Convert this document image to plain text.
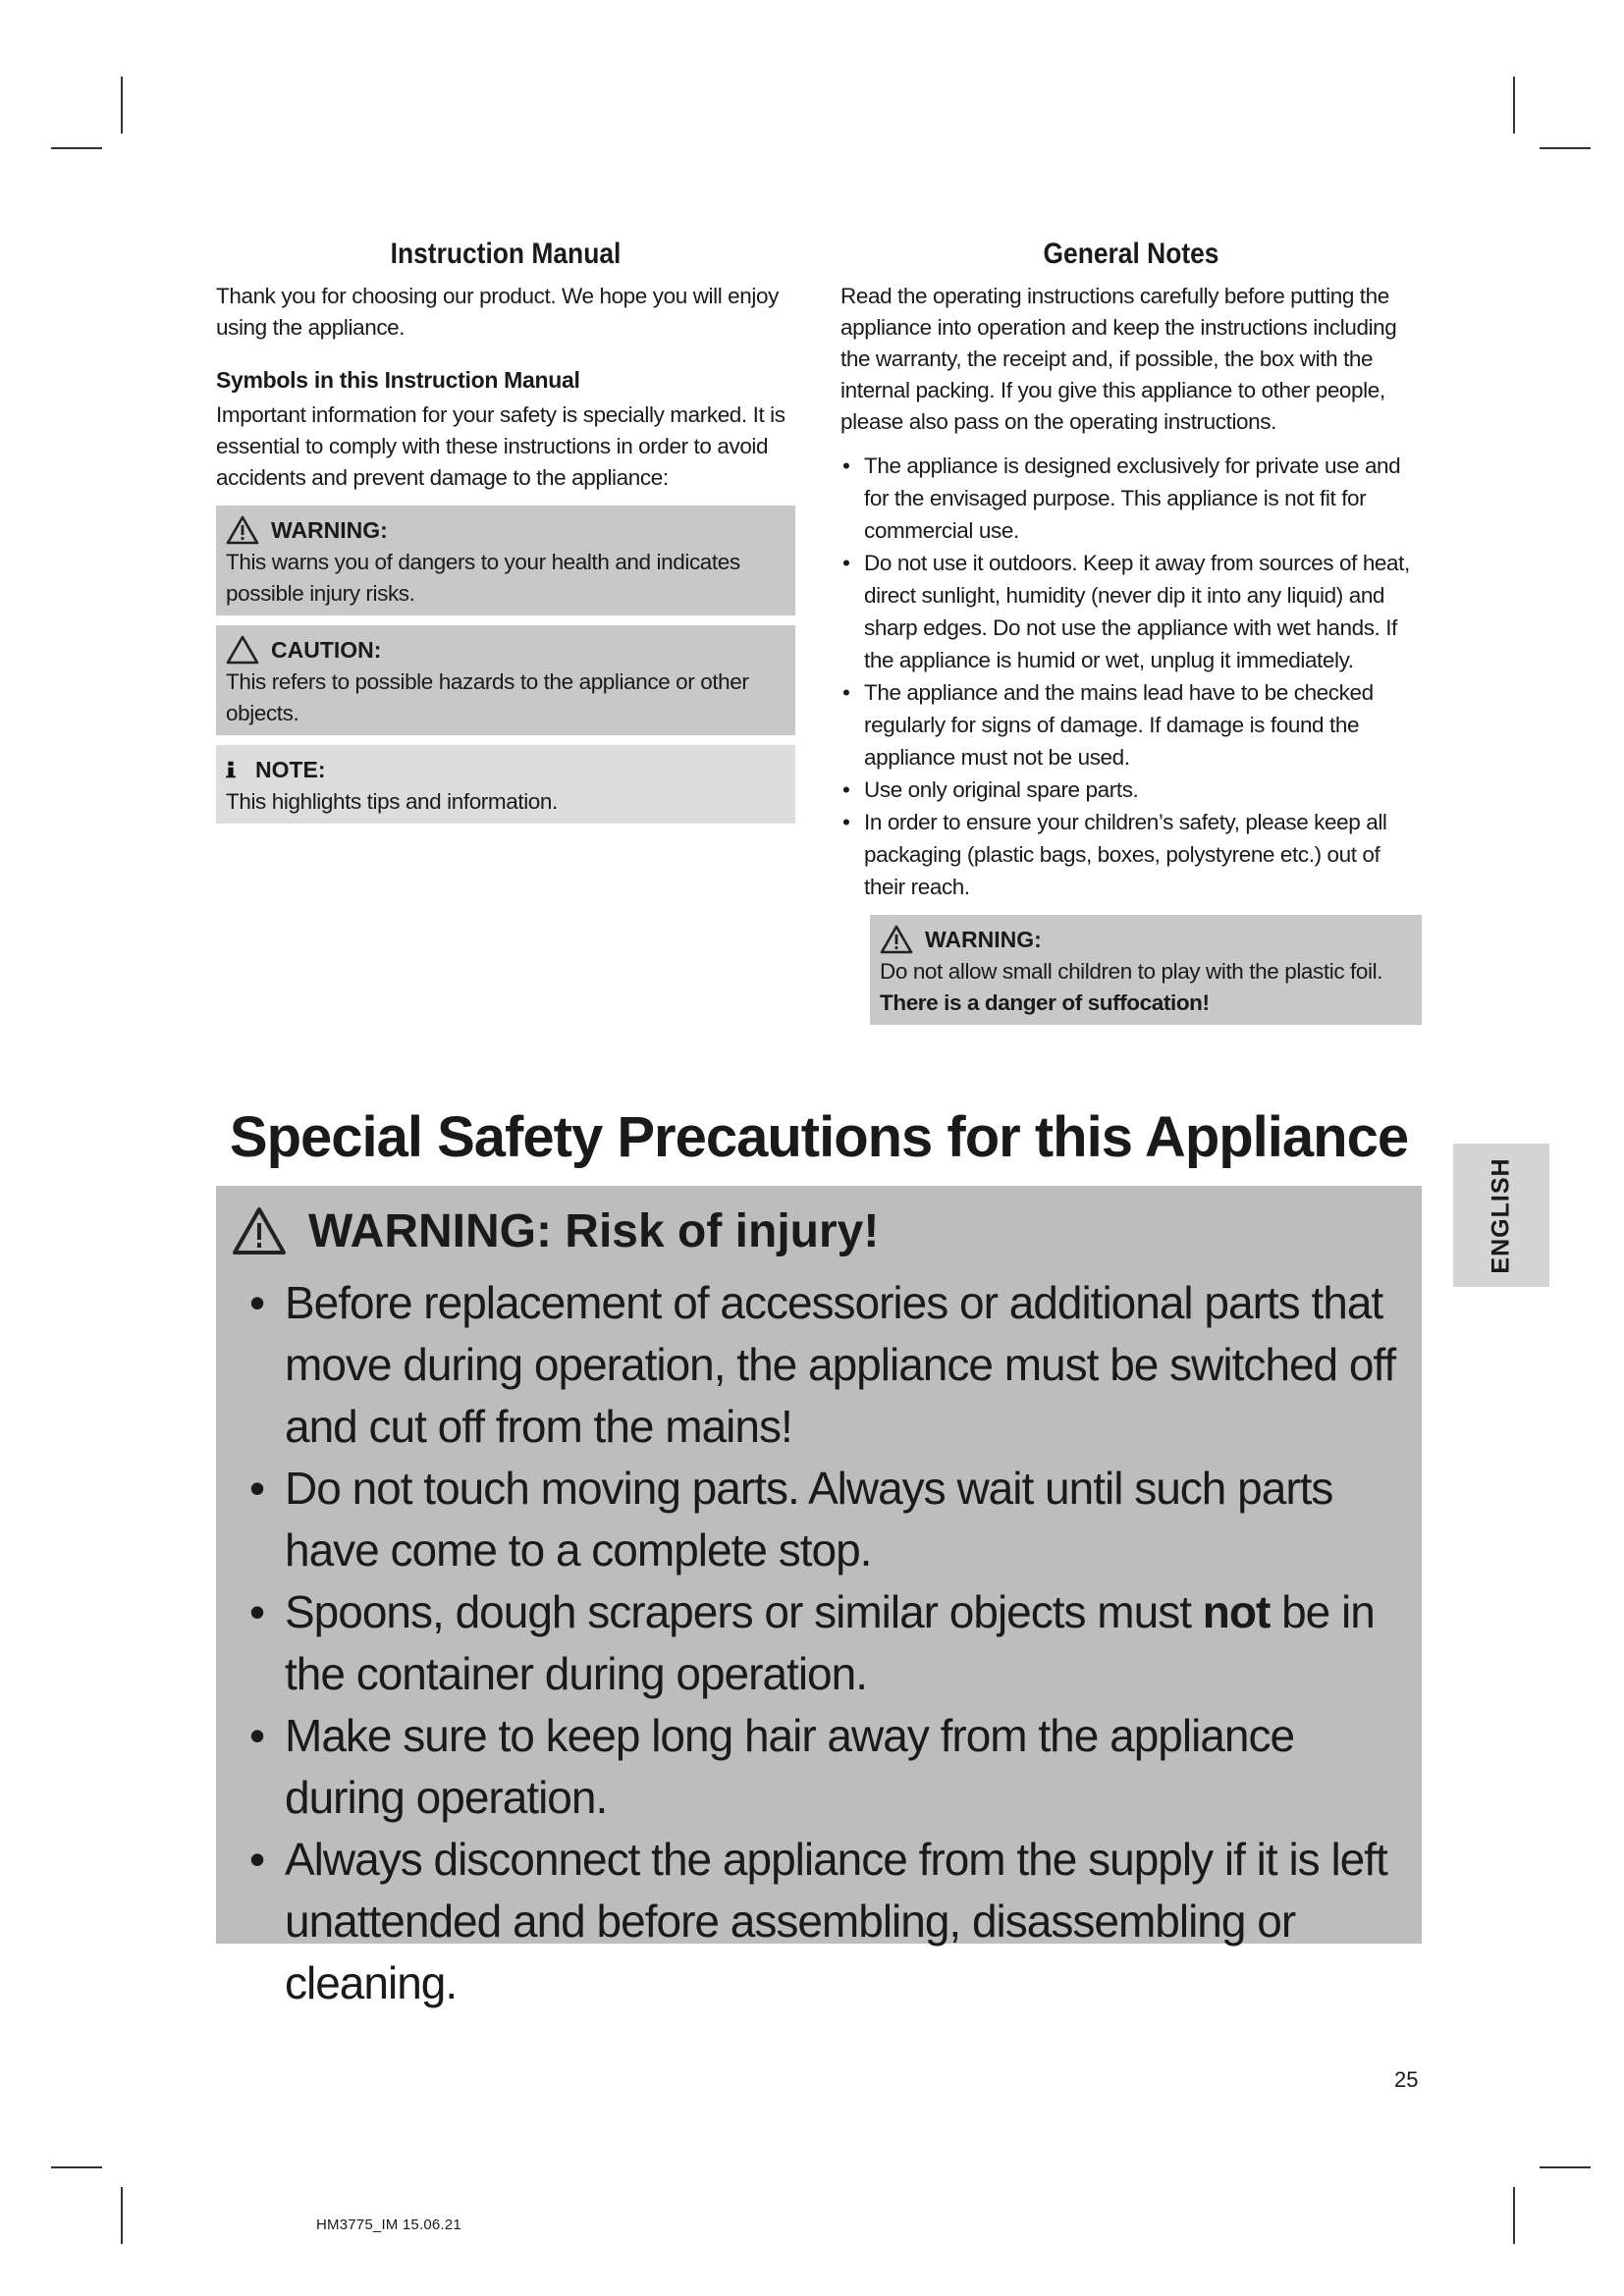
Instruction Manual

Thank you for choosing our product. We hope you will enjoy using the appliance.

Symbols in this Instruction Manual

Important information for your safety is specially marked. It is essential to comply with these instructions in order to avoid accidents and prevent damage to the appliance:

WARNING:
This warns you of dangers to your health and indicates possible injury risks.
CAUTION:
This refers to possible hazards to the appliance or other objects.
NOTE:
This highlights tips and information.
General Notes

Read the operating instructions carefully before putting the appliance into operation and keep the instructions including the warranty, the receipt and, if possible, the box with the internal packing. If you give this appliance to other people, please also pass on the operating instructions.

• The appliance is designed exclusively for private use and for the envisaged purpose. This appliance is not fit for commercial use.
• Do not use it outdoors. Keep it away from sources of heat, direct sunlight, humidity (never dip it into any liquid) and sharp edges. Do not use the appliance with wet hands. If the appliance is humid or wet, unplug it immediately.
• The appliance and the mains lead have to be checked regularly for signs of damage. If damage is found the appliance must not be used.
• Use only original spare parts.
• In order to ensure your children’s safety, please keep all packaging (plastic bags, boxes, polystyrene etc.) out of their reach.
WARNING:
Do not allow small children to play with the plastic foil.
There is a danger of suffocation!
Special Safety Precautions for this Appliance
WARNING: Risk of injury!
• Before replacement of accessories or additional parts that move during operation, the appliance must be switched off and cut off from the mains!
• Do not touch moving parts. Always wait until such parts have come to a complete stop.
• Spoons, dough scrapers or similar objects must not be in the container during operation.
• Make sure to keep long hair away from the appliance during operation.
• Always disconnect the appliance from the supply if it is left unattended and before assembling, disassembling or cleaning.
ENGLISH
25
HM3775_IM 15.06.21
